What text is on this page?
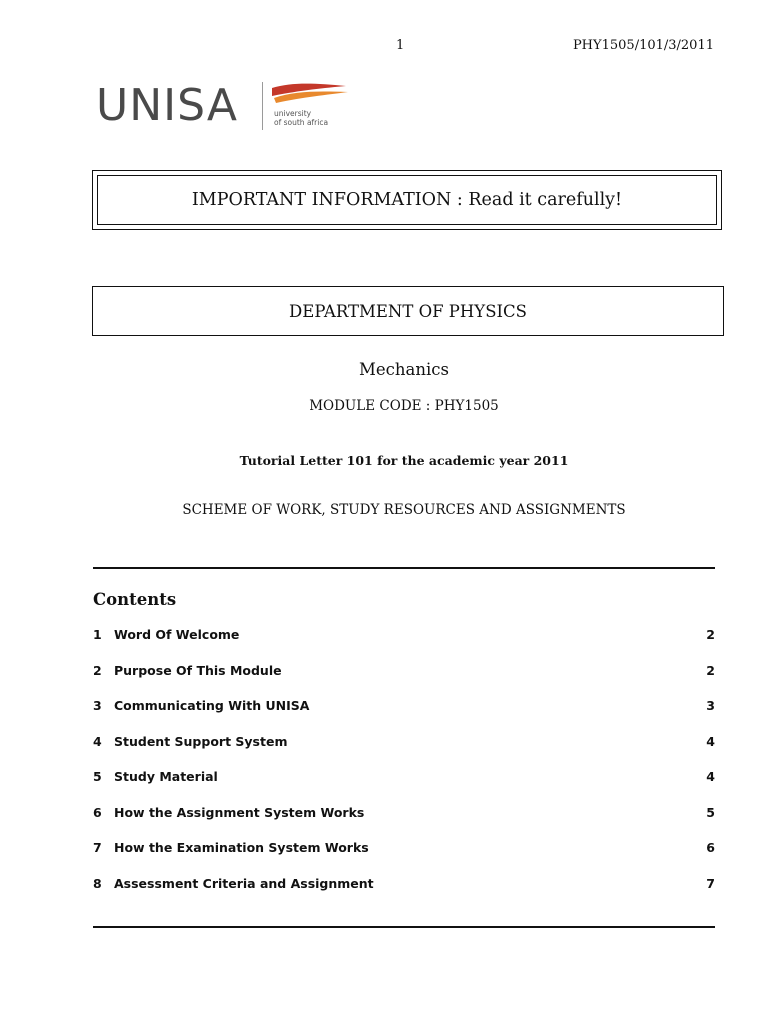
1	PHY1505/101/3/2011
UNISA	university
of south africa
IMPORTANT INFORMATION : Read it carefully!
DEPARTMENT OF PHYSICS
Mechanics
MODULE CODE : PHY1505
Tutorial Letter 101 for the academic year 2011
SCHEME OF WORK, STUDY RESOURCES AND ASSIGNMENTS
Contents
1 Word Of Welcome	2
2 Purpose Of This Module	2
3 Communicating With UNISA	3
4 Student Support System	4
5 Study Material	4
6 How the Assignment System Works	5
7 How the Examination System Works	6
8 Assessment Criteria and Assignment	7
